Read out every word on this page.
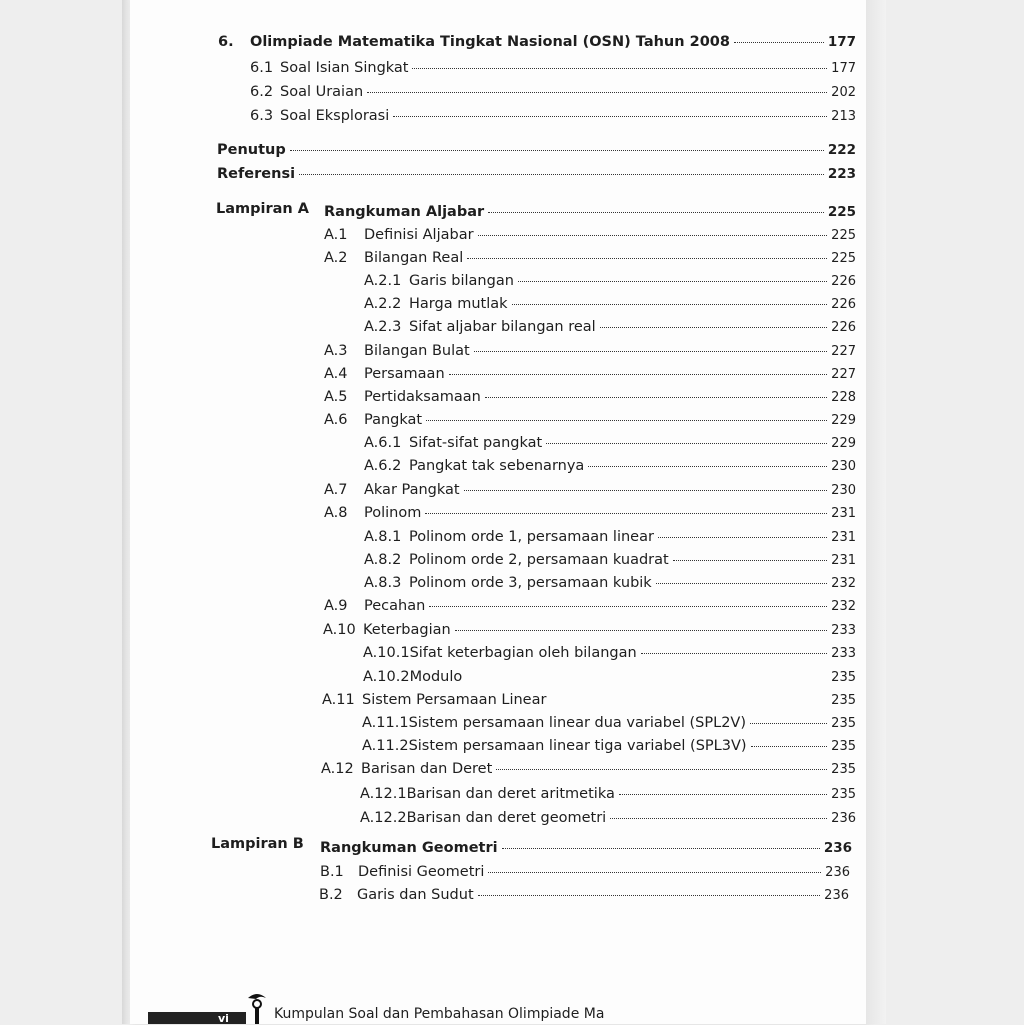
6.	Olimpiade Matematika Tingkat Nasional (OSN) Tahun 2008	177
6.1 Soal Isian Singkat	177
6.2 Soal Uraian	202
6.3 Soal Eksplorasi	213
Penutup	222
Referensi	223
Lampiran A Rangkuman Aljabar	225
A.1	Definisi Aljabar	225
A.2	Bilangan Real	225
A.2.1 Garis bilangan	226
A.2.2 Harga mutlak	226
A.2.3 Sifat aljabar bilangan real	226
A.3	Bilangan Bulat	227
A.4	Persamaan	227
A.5	Pertidaksamaan	228
A.6	Pangkat	229
A.6.1 Sifat-sifat pangkat	229
A.6.2 Pangkat tak sebenarnya	230
A.7	Akar Pangkat	230
A.8	Polinom	231
A.8.1 Polinom orde 1, persamaan linear	231
A.8.2 Polinom orde 2, persamaan kuadrat	231
A.8.3 Polinom orde 3, persamaan kubik	232
A.9	Pecahan	232
A.10 Keterbagian	233
A.10.1 Sifat keterbagian oleh bilangan	233
A.10.2 Modulo	235
A.11 Sistem Persamaan Linear	235
A.11.1 Sistem persamaan linear dua variabel (SPL2V)	235
A.11.2 Sistem persamaan linear tiga variabel (SPL3V)	235
A.12 Barisan dan Deret	235
A.12.1 Barisan dan deret aritmetika	235
A.12.2 Barisan dan deret geometri	236
Lampiran B Rangkuman Geometri	236
B.1 Definisi Geometri	236
B.2 Garis dan Sudut	236
vi	Kumpulan Soal dan Pembahasan Olimpiade Ma
